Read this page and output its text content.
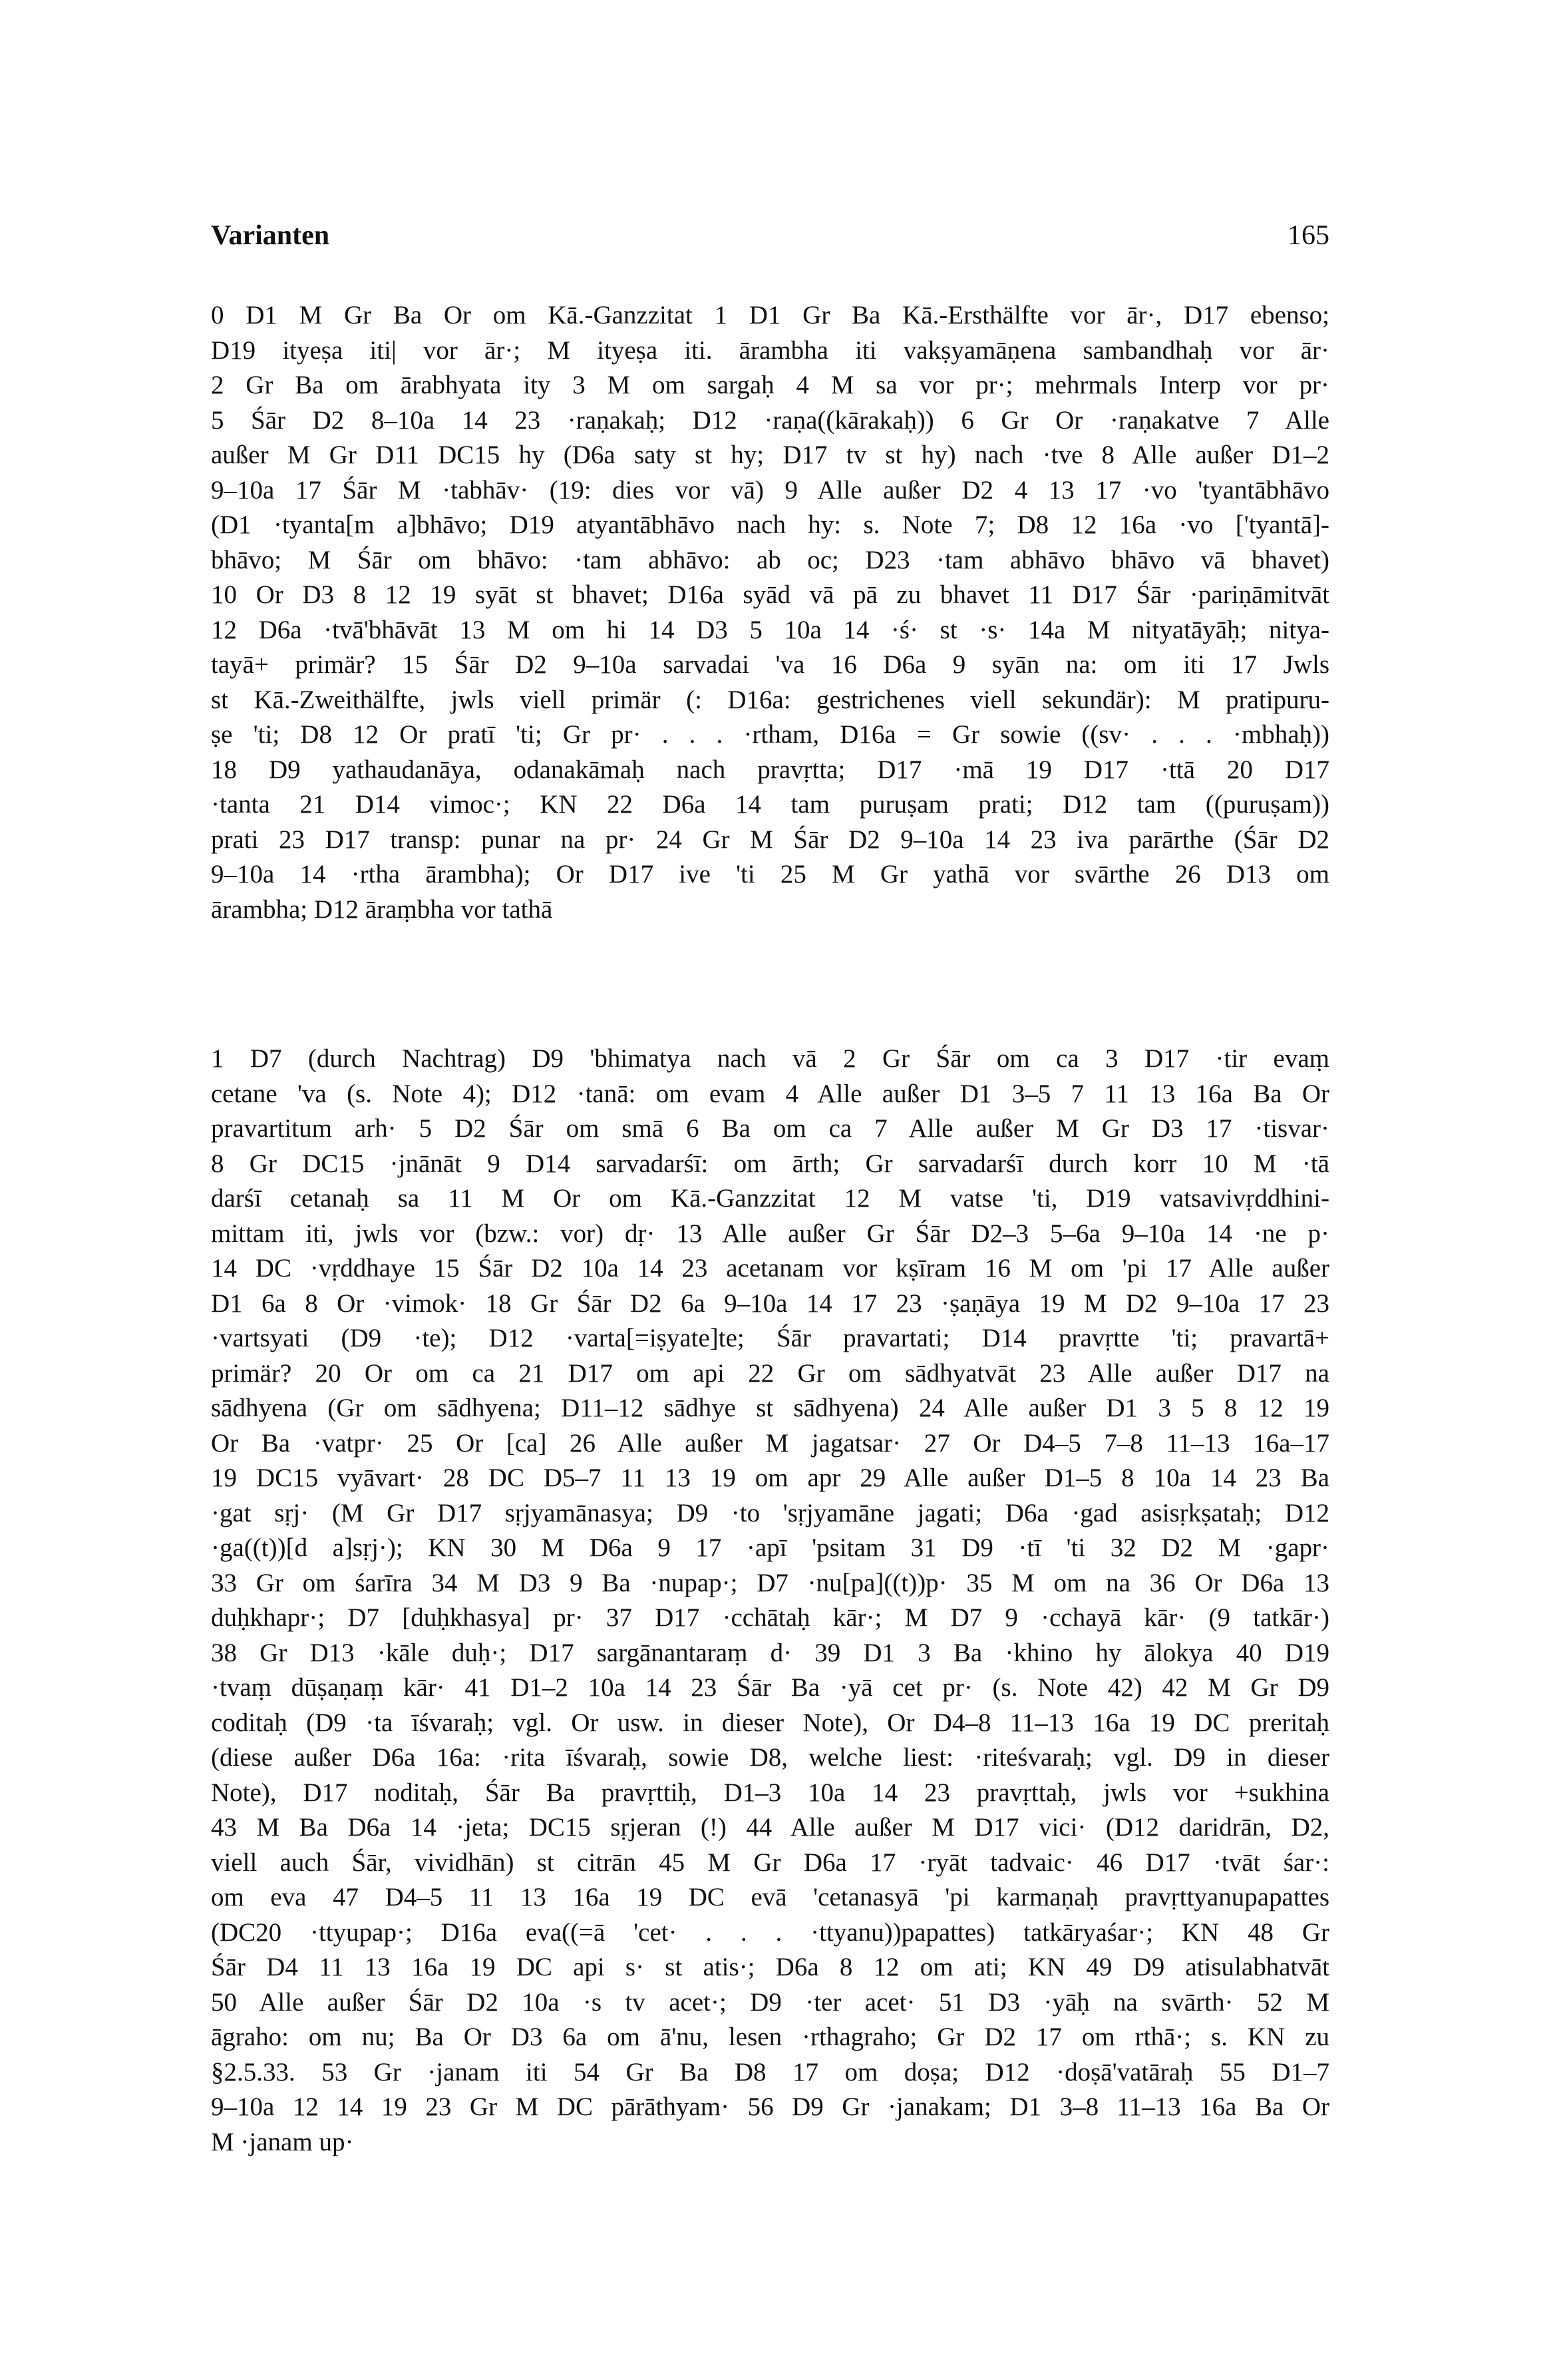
Varianten	165
0 D1 M Gr Ba Or om Kā.-Ganzzitat 1 D1 Gr Ba Kā.-Ersthälfte vor ār·, D17 ebenso;
D19 ityeṣa iti| vor ār·; M ityeṣa iti. ārambha iti vakṣyamāṇena sambandhaḥ vor ār·
2 Gr Ba om ārabhyata ity 3 M om sargaḥ 4 M sa vor pr·; mehrmals Interp vor pr·
5 Śār D2 8–10a 14 23 ·raṇakaḥ; D12 ·raṇa((kārakaḥ)) 6 Gr Or ·raṇakatve 7 Alle
außer M Gr D11 DC15 hy (D6a saty st hy; D17 tv st hy) nach ·tve 8 Alle außer D1–2
9–10a 17 Śār M ·tabhāv· (19: dies vor vā) 9 Alle außer D2 4 13 17 ·vo 'tyantābhāvo
(D1 ·tyanta[m a]bhāvo; D19 atyantābhāvo nach hy: s. Note 7; D8 12 16a ·vo ['tyantā]-
bhāvo; M Śār om bhāvo: ·tam abhāvo: ab oc; D23 ·tam abhāvo bhāvo vā bhavet)
10 Or D3 8 12 19 syāt st bhavet; D16a syād vā pā zu bhavet 11 D17 Śār ·pariṇāmitvāt
12 D6a ·tvā'bhāvāt 13 M om hi 14 D3 5 10a 14 ·ś· st ·s· 14a M nityatāyāḥ; nitya-
tayā+ primär? 15 Śār D2 9–10a sarvadai 'va 16 D6a 9 syān na: om iti 17 Jwls
st Kā.-Zweithälfte, jwls viell primär (: D16a: gestrichenes viell sekundär): M pratipuru-
ṣe 'ti; D8 12 Or pratī 'ti; Gr pr· . . . ·rtham, D16a = Gr sowie ((sv· . . . ·mbhaḥ))
18 D9 yathaudanāya, odanakāmaḥ nach pravṛtta; D17 ·mā 19 D17 ·ttā 20 D17
·tanta 21 D14 vimoc·; KN 22 D6a 14 tam puruṣam prati; D12 tam ((puruṣam))
prati 23 D17 transp: punar na pr· 24 Gr M Śār D2 9–10a 14 23 iva parārthe (Śār D2
9–10a 14 ·rtha ārambha); Or D17 ive 'ti 25 M Gr yathā vor svārthe 26 D13 om
ārambha; D12 āraṃbha vor tathā
1 D7 (durch Nachtrag) D9 'bhimatya nach vā 2 Gr Śār om ca 3 D17 ·tir evaṃ
cetane 'va (s. Note 4); D12 ·tanā: om evam 4 Alle außer D1 3–5 7 11 13 16a Ba Or
pravartitum arh· 5 D2 Śār om smā 6 Ba om ca 7 Alle außer M Gr D3 17 ·tisvar·
8 Gr DC15 ·jnānāt 9 D14 sarvadarśī: om ārth; Gr sarvadarśī durch korr 10 M ·tā
darśī cetanaḥ sa 11 M Or om Kā.-Ganzzitat 12 M vatse 'ti, D19 vatsavivṛddhini-
mittam iti, jwls vor (bzw.: vor) dṛ· 13 Alle außer Gr Śār D2–3 5–6a 9–10a 14 ·ne p·
14 DC ·vṛddhaye 15 Śār D2 10a 14 23 acetanam vor kṣīram 16 M om 'pi 17 Alle außer
D1 6a 8 Or ·vimok· 18 Gr Śār D2 6a 9–10a 14 17 23 ·ṣaṇāya 19 M D2 9–10a 17 23
·vartsyati (D9 ·te); D12 ·varta[=iṣyate]te; Śār pravartati; D14 pravṛtte 'ti; pravartā+
primär? 20 Or om ca 21 D17 om api 22 Gr om sādhyatvāt 23 Alle außer D17 na
sādhyena (Gr om sādhyena; D11–12 sādhye st sādhyena) 24 Alle außer D1 3 5 8 12 19
Or Ba ·vatpr· 25 Or [ca] 26 Alle außer M jagatsar· 27 Or D4–5 7–8 11–13 16a–17
19 DC15 vyāvart· 28 DC D5–7 11 13 19 om apr 29 Alle außer D1–5 8 10a 14 23 Ba
·gat sṛj· (M Gr D17 sṛjyamānasya; D9 ·to 'sṛjyamāne jagati; D6a ·gad asisṛkṣataḥ; D12
·ga((t))[d a]sṛj·); KN 30 M D6a 9 17 ·apī 'psitam 31 D9 ·tī 'ti 32 D2 M ·gapr·
33 Gr om śarīra 34 M D3 9 Ba ·nupap·; D7 ·nu[pa]((t))p· 35 M om na 36 Or D6a 13
duḥkhapr·; D7 [duḥkhasya] pr· 37 D17 ·cchātaḥ kār·; M D7 9 ·cchayā kār· (9 tatkār·)
38 Gr D13 ·kāle duḥ·; D17 sargānantaraṃ d· 39 D1 3 Ba ·khino hy ālokya 40 D19
·tvaṃ dūṣaṇaṃ kār· 41 D1–2 10a 14 23 Śār Ba ·yā cet pr· (s. Note 42) 42 M Gr D9
coditaḥ (D9 ·ta īśvaraḥ; vgl. Or usw. in dieser Note), Or D4–8 11–13 16a 19 DC preritaḥ
(diese außer D6a 16a: ·rita īśvaraḥ, sowie D8, welche liest: ·riteśvaraḥ; vgl. D9 in dieser
Note), D17 noditaḥ, Śār Ba pravṛttiḥ, D1–3 10a 14 23 pravṛttaḥ, jwls vor +sukhina
43 M Ba D6a 14 ·jeta; DC15 sṛjeran (!) 44 Alle außer M D17 vici· (D12 daridrān, D2,
viell auch Śār, vividhān) st citrān 45 M Gr D6a 17 ·ryāt tadvaic· 46 D17 ·tvāt śar·:
om eva 47 D4–5 11 13 16a 19 DC evā 'cetanasyā 'pi karmaṇaḥ pravṛttyanupapattes
(DC20 ·ttyupap·; D16a eva((=ā 'cet· . . . ·ttyanu))papattes) tatkāryaśar·; KN 48 Gr
Śār D4 11 13 16a 19 DC api s· st atis·; D6a 8 12 om ati; KN 49 D9 atisulabhatvāt
50 Alle außer Śār D2 10a ·s tv acet·; D9 ·ter acet· 51 D3 ·yāḥ na svārth· 52 M
āgraho: om nu; Ba Or D3 6a om ā'nu, lesen ·rthagraho; Gr D2 17 om rthā·; s. KN zu
§2.5.33. 53 Gr ·janam iti 54 Gr Ba D8 17 om doṣa; D12 ·doṣā'vatāraḥ 55 D1–7
9–10a 12 14 19 23 Gr M DC pārāthyam· 56 D9 Gr ·janakam; D1 3–8 11–13 16a Ba Or
M ·janam up·
